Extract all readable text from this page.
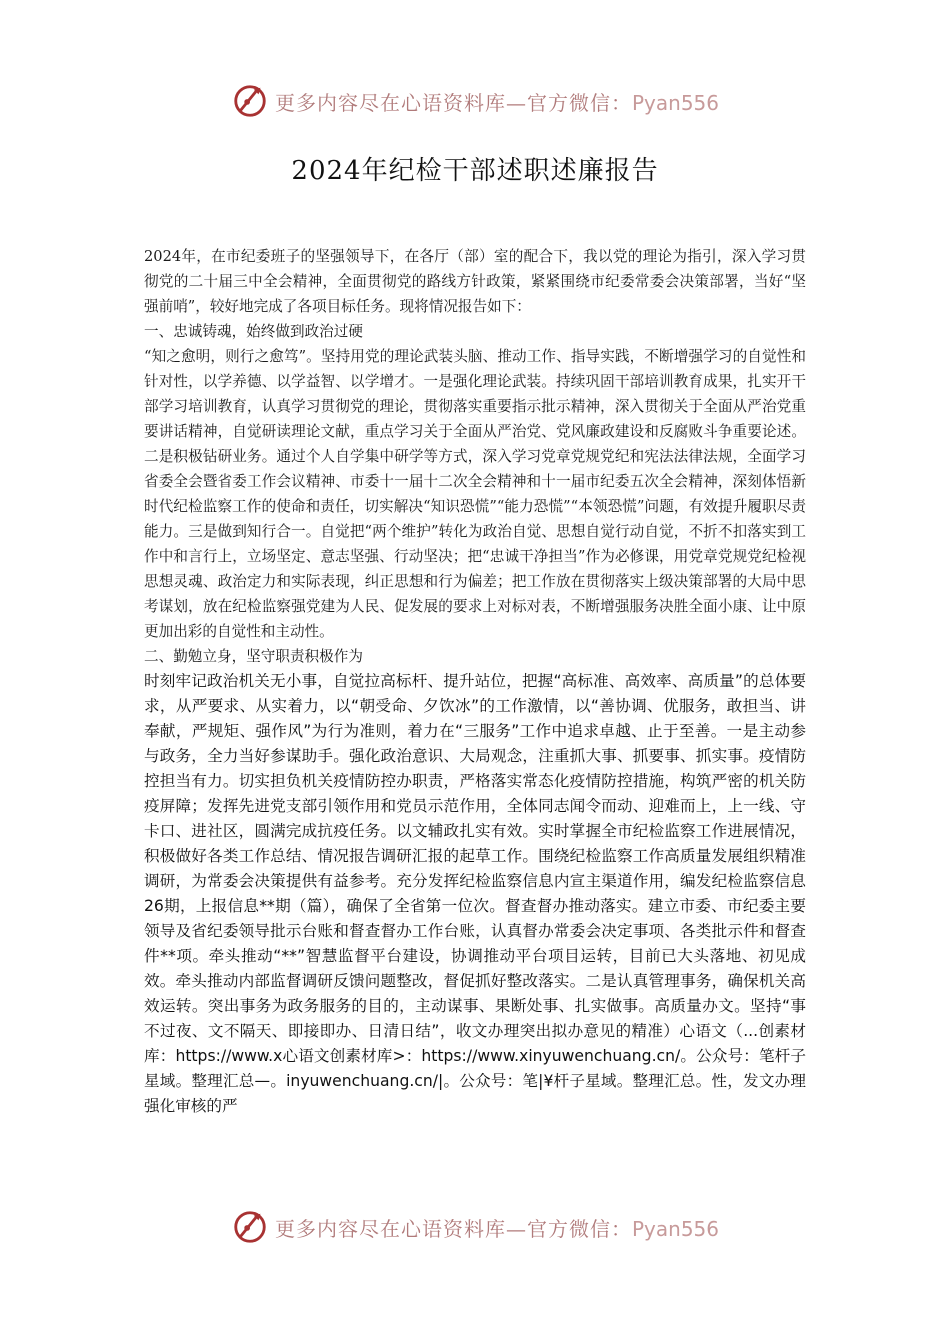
更多内容尽在心语资料库—官方微信：Pyan556
2024年纪检干部述职述廉报告

2024年，在市纪委班子的坚强领导下，在各厅（部）室的配合下，我以党的理论为指引，深入学习贯彻党的二十届三中全会精神，全面贯彻党的路线方针政策，紧紧围绕市纪委常委会决策部署，当好“坚强前哨”，较好地完成了各项目标任务。现将情况报告如下：

一、忠诚铸魂，始终做到政治过硬

“知之愈明，则行之愈笃”。坚持用党的理论武装头脑、推动工作、指导实践，不断增强学习的自觉性和针对性，以学养德、以学益智、以学增才。一是强化理论武装。持续巩固干部培训教育成果，扎实开干部学习培训教育，认真学习贯彻党的理论，贯彻落实重要指示批示精神，深入贯彻关于全面从严治党重要讲话精神，自觉研读理论文献，重点学习关于全面从严治党、党风廉政建设和反腐败斗争重要论述。二是积极钻研业务。通过个人自学集中研学等方式，深入学习党章党规党纪和宪法法律法规，全面学习省委全会暨省委工作会议精神、市委十一届十二次全会精神和十一届市纪委五次全会精神，深刻体悟新时代纪检监察工作的使命和责任，切实解决“知识恐慌”“能力恐慌”“本领恐慌”问题，有效提升履职尽责能力。三是做到知行合一。自觉把“两个维护”转化为政治自觉、思想自觉行动自觉，不折不扣落实到工作中和言行上，立场坚定、意志坚强、行动坚决；把“忠诚干净担当”作为必修课，用党章党规党纪检视思想灵魂、政治定力和实际表现，纠正思想和行为偏差；把工作放在贯彻落实上级决策部署的大局中思考谋划，放在纪检监察强党建为人民、促发展的要求上对标对表，不断增强服务决胜全面小康、让中原更加出彩的自觉性和主动性。

二、勤勉立身，坚守职责积极作为

时刻牢记政治机关无小事，自觉拉高标杆、提升站位，把握“高标准、高效率、高质量”的总体要求，从严要求、从实着力，以“朝受命、夕饮冰”的工作激情，以“善协调、优服务，敢担当、讲奉献，严规矩、强作风”为行为准则，着力在“三服务”工作中追求卓越、止于至善。一是主动参与政务，全力当好参谋助手。强化政治意识、大局观念，注重抓大事、抓要事、抓实事。疫情防控担当有力。切实担负机关疫情防控办职责，严格落实常态化疫情防控措施，构筑严密的机关防疫屏障；发挥先进党支部引领作用和党员示范作用，全体同志闻令而动、迎难而上，上一线、守卡口、进社区，圆满完成抗疫任务。以文辅政扎实有效。实时掌握全市纪检监察工作进展情况，积极做好各类工作总结、情况报告调研汇报的起草工作。围绕纪检监察工作高质量发展组织精准调研，为常委会决策提供有益参考。充分发挥纪检监察信息内宣主渠道作用，编发纪检监察信息26期，上报信息**期（篇），确保了全省第一位次。督查督办推动落实。建立市委、市纪委主要领导及省纪委领导批示台账和督查督办工作台账，认真督办常委会决定事项、各类批示件和督查件**项。牵头推动“**”智慧监督平台建设，协调推动平台项目运转，目前已大头落地、初见成效。牵头推动内部监督调研反馈问题整改，督促抓好整改落实。二是认真管理事务，确保机关高效运转。突出事务为政务服务的目的，主动谋事、果断处事、扎实做事。高质量办文。坚持“事不过夜、文不隔天、即接即办、日清日结”，收文办理突出拟办意见的精准）心语文（...创素材库：https://www.x心语文创素材库>：https://www.xinyuwenchuang.cn/。公众号：笔杆子星域。整理汇总—。inyuwenchuang.cn/|。公众号：笔|¥杆子星域。整理汇总。性，发文办理强化审核的严

更多内容尽在心语资料库—官方微信：Pyan556
